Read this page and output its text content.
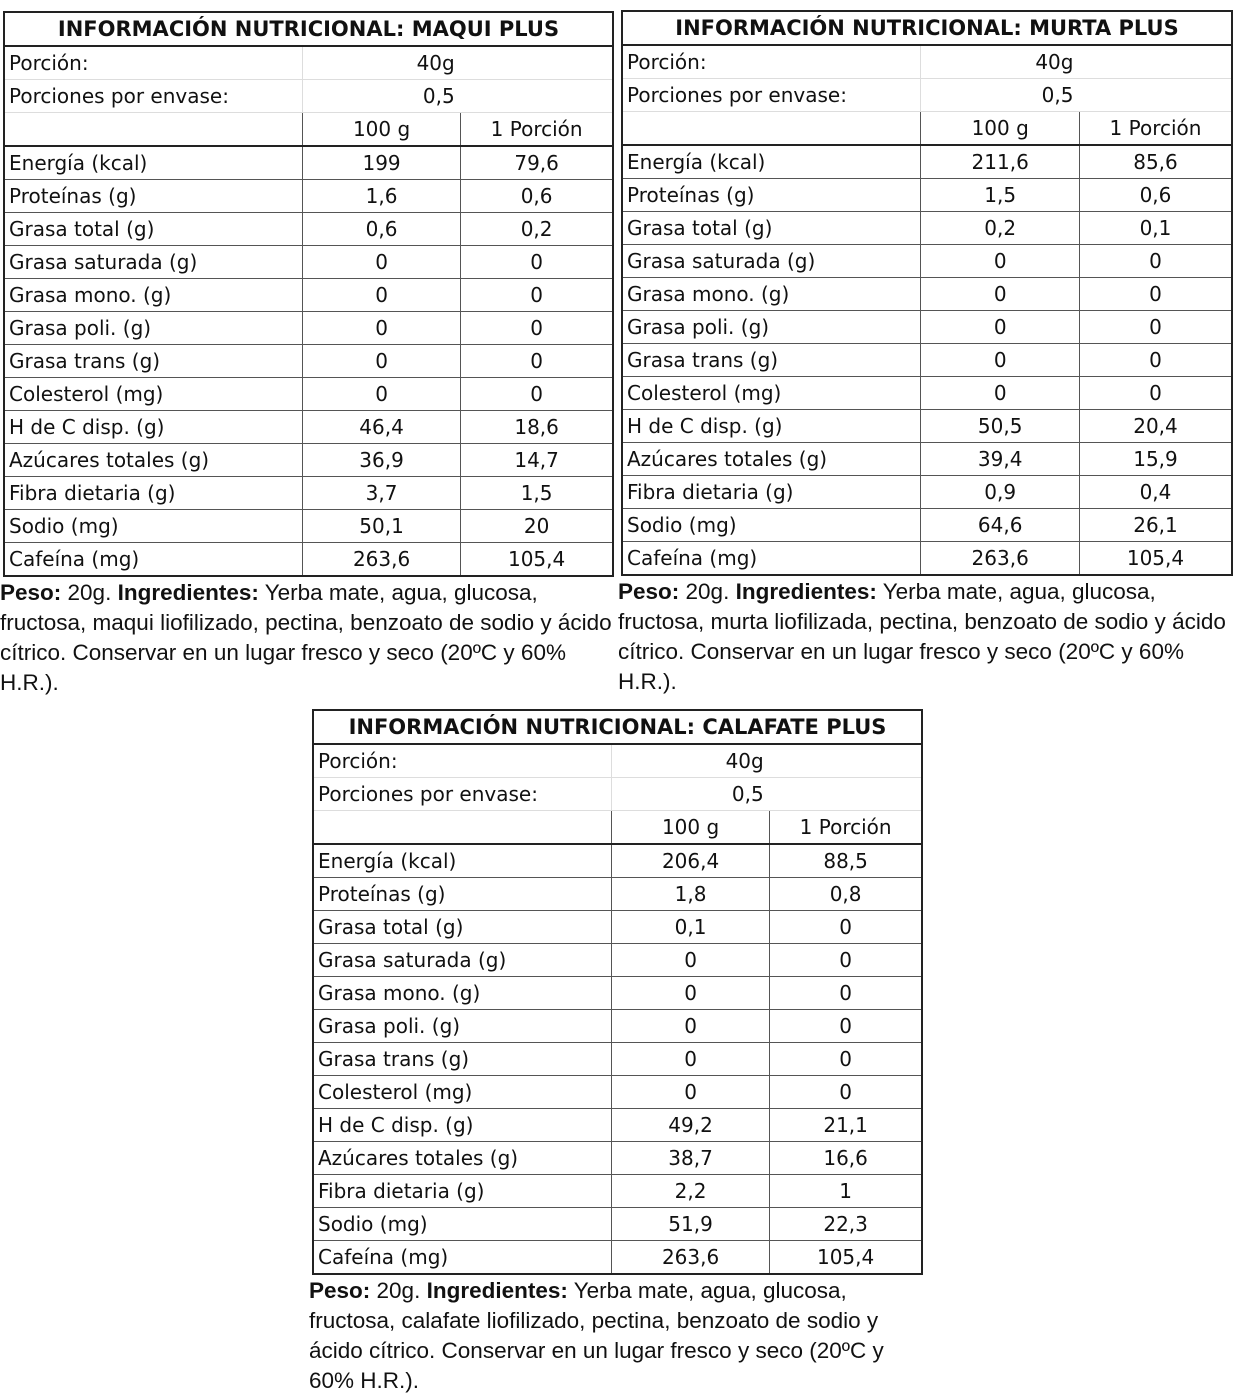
INFORMACIÓN NUTRICIONAL: MAQUI PLUS		
Porción:	40g	
Porciones por envase:	0,5	
	100 g	1 Porción
Energía (kcal)	199	79,6
Proteínas (g)	1,6	0,6
Grasa total (g)	0,6	0,2
Grasa saturada (g)	0	0
Grasa mono. (g)	0	0
Grasa poli. (g)	0	0
Grasa trans (g)	0	0
Colesterol (mg)	0	0
H de C disp. (g)	46,4	18,6
Azúcares totales (g)	36,9	14,7
Fibra dietaria (g)	3,7	1,5
Sodio (mg)	50,1	20
Cafeína (mg)	263,6	105,4
Peso: 20g. Ingredientes: Yerba mate, agua, glucosa, fructosa, maqui liofilizado, pectina, benzoato de sodio y ácido cítrico. Conservar en un lugar fresco y seco (20ºC y 60% H.R.).
INFORMACIÓN NUTRICIONAL: MURTA PLUS		
Porción:	40g	
Porciones por envase:	0,5	
	100 g	1 Porción
Energía (kcal)	211,6	85,6
Proteínas (g)	1,5	0,6
Grasa total (g)	0,2	0,1
Grasa saturada (g)	0	0
Grasa mono. (g)	0	0
Grasa poli. (g)	0	0
Grasa trans (g)	0	0
Colesterol (mg)	0	0
H de C disp. (g)	50,5	20,4
Azúcares totales (g)	39,4	15,9
Fibra dietaria (g)	0,9	0,4
Sodio (mg)	64,6	26,1
Cafeína (mg)	263,6	105,4
Peso: 20g. Ingredientes: Yerba mate, agua, glucosa, fructosa, murta liofilizada, pectina, benzoato de sodio y ácido cítrico. Conservar en un lugar fresco y seco (20ºC y 60% H.R.).
INFORMACIÓN NUTRICIONAL: CALAFATE PLUS		
Porción:	40g	
Porciones por envase:	0,5	
	100 g	1 Porción
Energía (kcal)	206,4	88,5
Proteínas (g)	1,8	0,8
Grasa total (g)	0,1	0
Grasa saturada (g)	0	0
Grasa mono. (g)	0	0
Grasa poli. (g)	0	0
Grasa trans (g)	0	0
Colesterol (mg)	0	0
H de C disp. (g)	49,2	21,1
Azúcares totales (g)	38,7	16,6
Fibra dietaria (g)	2,2	1
Sodio (mg)	51,9	22,3
Cafeína (mg)	263,6	105,4
Peso: 20g. Ingredientes: Yerba mate, agua, glucosa, fructosa, calafate liofilizado, pectina, benzoato de sodio y ácido cítrico. Conservar en un lugar fresco y seco (20ºC y 60% H.R.).
